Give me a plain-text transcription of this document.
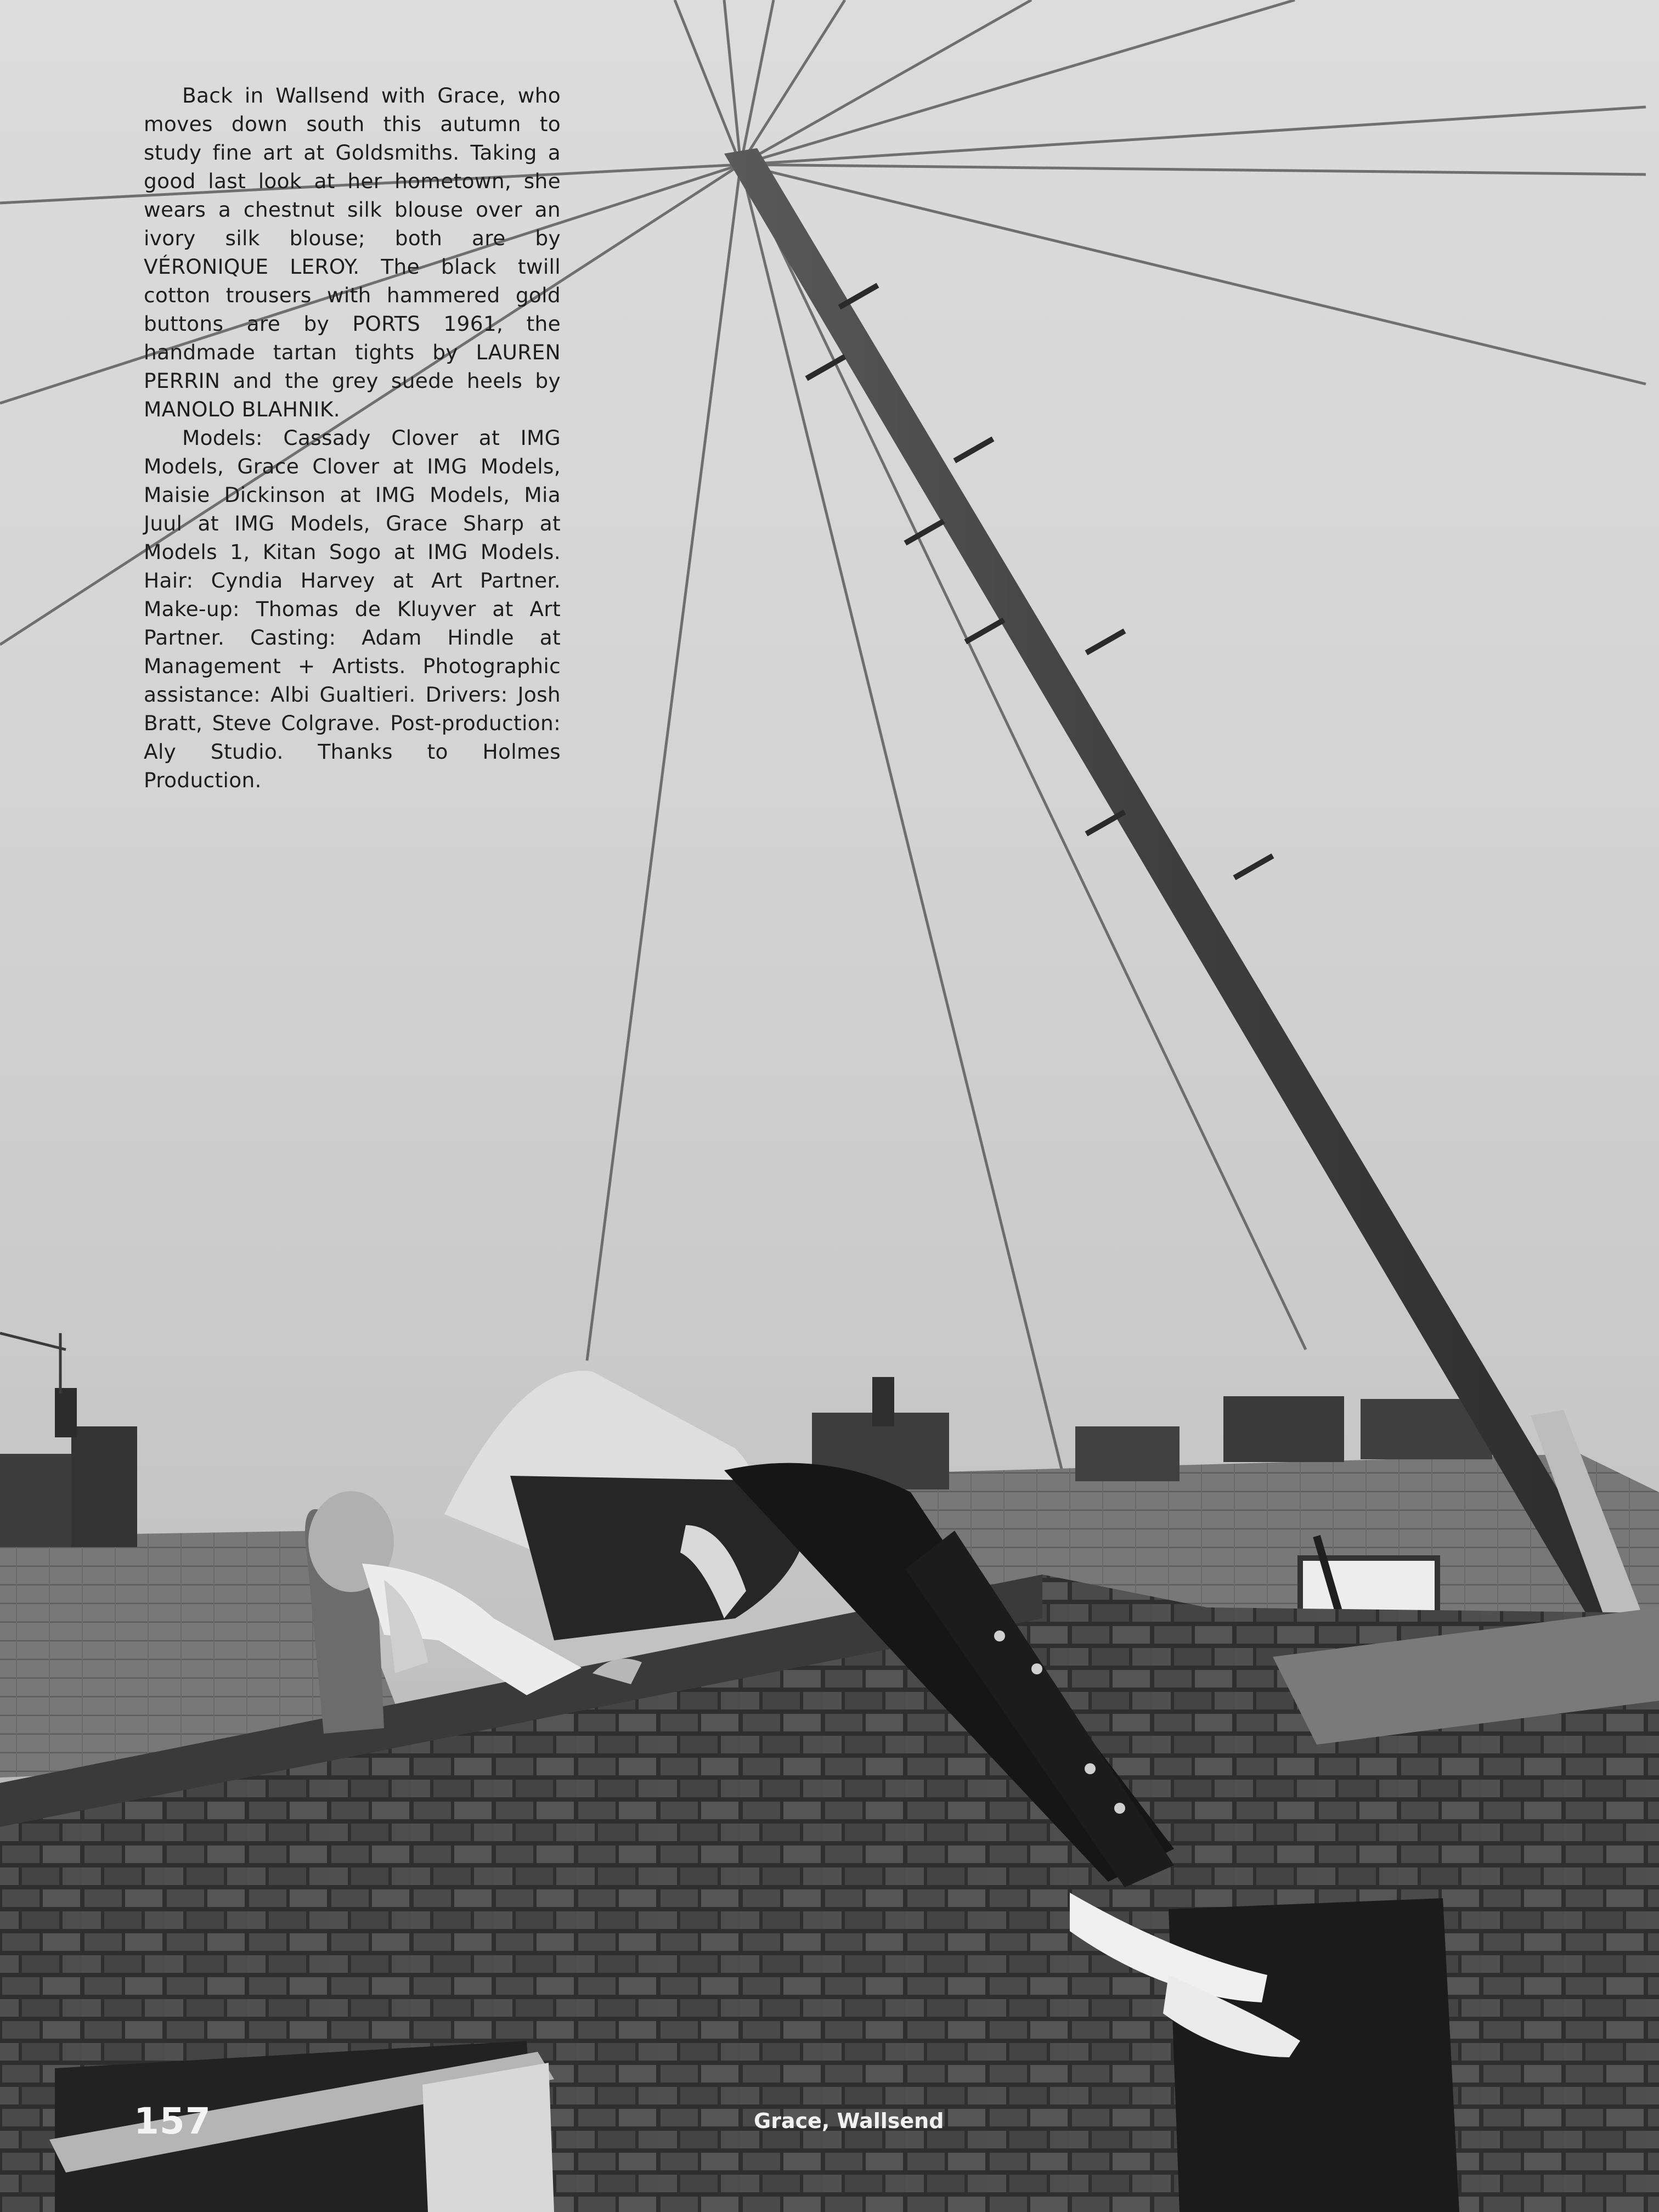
Back in Wallsend with Grace, who moves down south this autumn to study fine art at Goldsmiths. Taking a good last look at her hometown, she wears a chestnut silk blouse over an ivory silk blouse; both are by VÉRONIQUE LEROY. The black twill cotton trousers with hammered gold buttons are by PORTS 1961, the handmade tartan tights by LAUREN PERRIN and the grey suede heels by MANOLO BLAHNIK.

Models: Cassady Clover at IMG Models, Grace Clover at IMG Models, Maisie Dickinson at IMG Models, Mia Juul at IMG Models, Grace Sharp at Models 1, Kitan Sogo at IMG Models. Hair: Cyndia Harvey at Art Partner. Make-up: Thomas de Kluyver at Art Partner. Casting: Adam Hindle at Management + Artists. Photographic assistance: Albi Gualtieri. Drivers: Josh Bratt, Steve Colgrave. Post-production: Aly Studio. Thanks to Holmes Production.

157	Grace, Wallsend
